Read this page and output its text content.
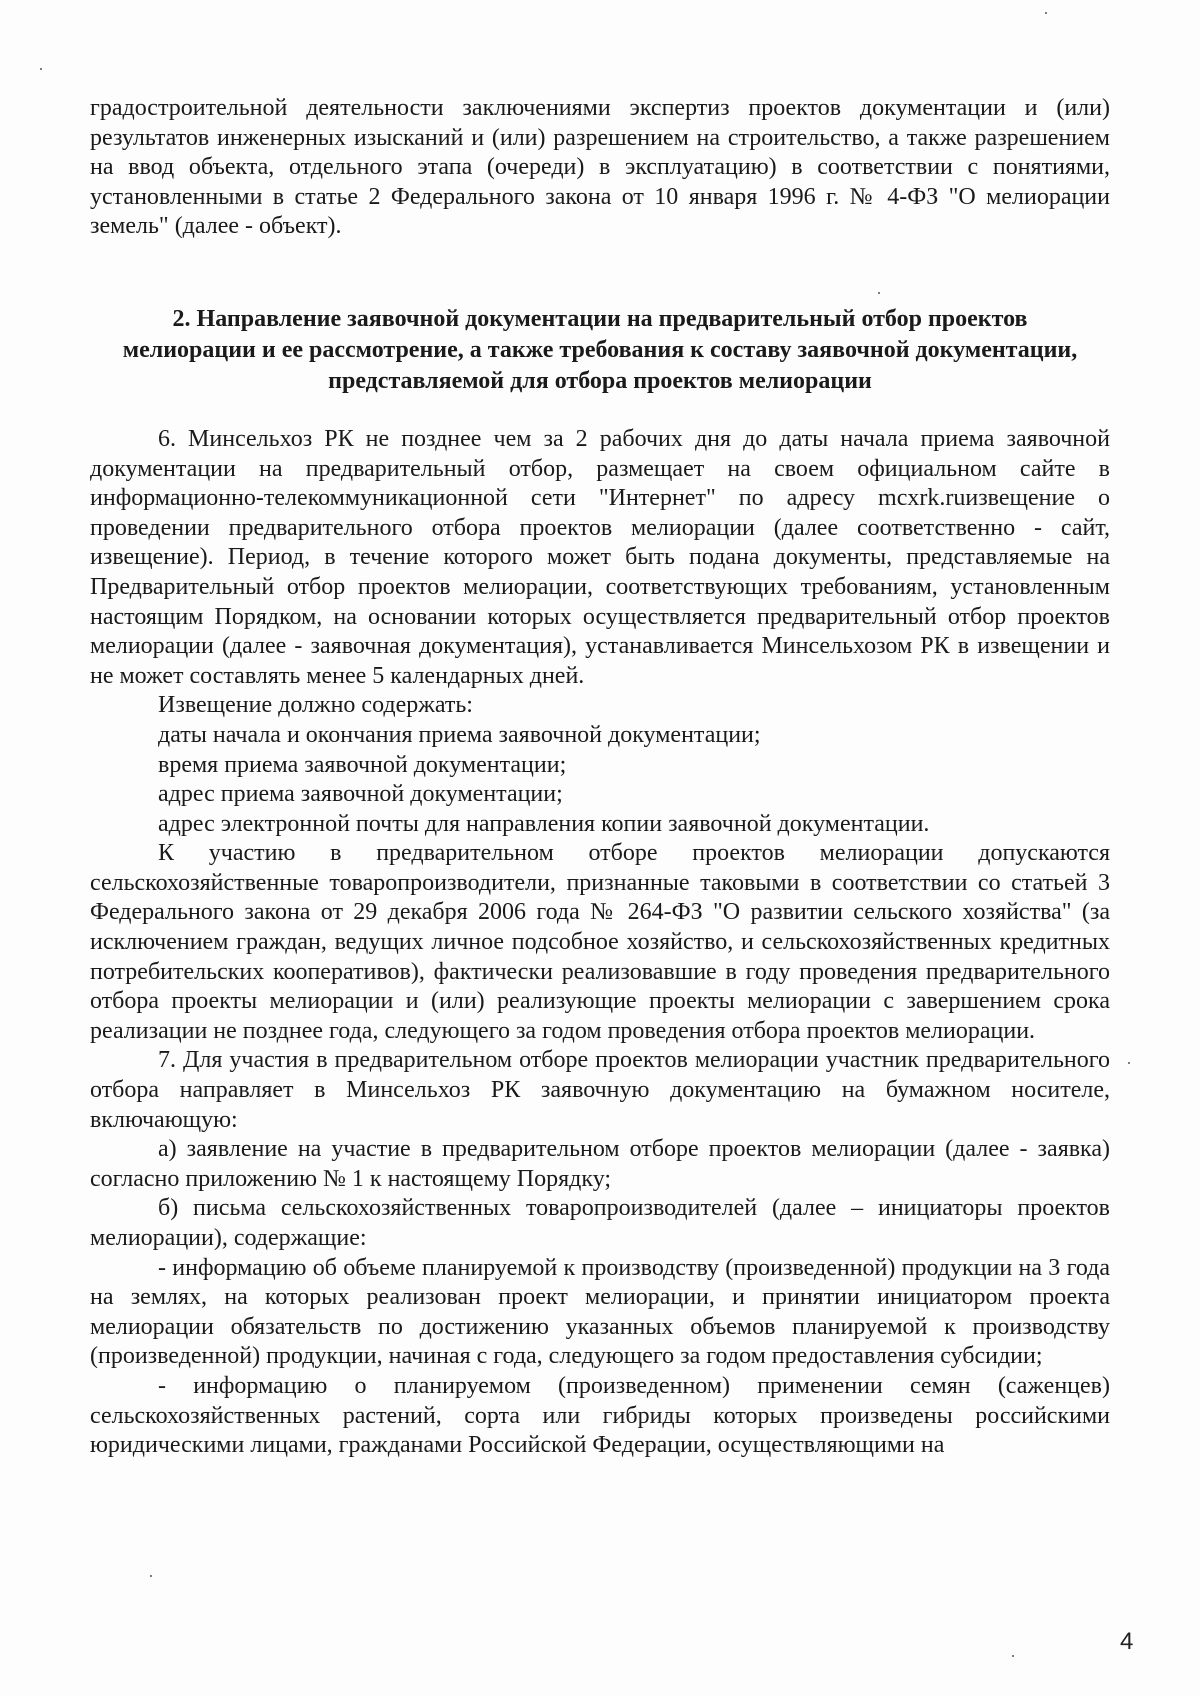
градостроительной деятельности заключениями экспертиз проектов документации и (или) результатов инженерных изысканий и (или) разрешением на строительство, а также разрешением на ввод объекта, отдельного этапа (очереди) в эксплуатацию) в соответствии с понятиями, установленными в статье 2 Федерального закона от 10 января 1996 г. № 4-ФЗ "О мелиорации земель" (далее - объект).

2. Направление заявочной документации на предварительный отбор проектов мелиорации и ее рассмотрение, а также требования к составу заявочной документации, представляемой для отбора проектов мелиорации

6. Минсельхоз РК не позднее чем за 2 рабочих дня до даты начала приема заявочной документации на предварительный отбор, размещает на своем официальном сайте в информационно-телекоммуникационной сети "Интернет" по адресу mcxrk.ruизвещение о проведении предварительного отбора проектов мелиорации (далее соответственно - сайт, извещение). Период, в течение которого может быть подана документы, представляемые на Предварительный отбор проектов мелиорации, соответствующих требованиям, установленным настоящим Порядком, на основании которых осуществляется предварительный отбор проектов мелиорации (далее - заявочная документация), устанавливается Минсельхозом РК в извещении и не может составлять менее 5 календарных дней.

Извещение должно содержать:

даты начала и окончания приема заявочной документации;

время приема заявочной документации;

адрес приема заявочной документации;

адрес электронной почты для направления копии заявочной документации.

К участию в предварительном отборе проектов мелиорации допускаются сельскохозяйственные товаропроизводители, признанные таковыми в соответствии со статьей 3 Федерального закона от 29 декабря 2006 года № 264-ФЗ "О развитии сельского хозяйства" (за исключением граждан, ведущих личное подсобное хозяйство, и сельскохозяйственных кредитных потребительских кооперативов), фактически реализовавшие в году проведения предварительного отбора проекты мелиорации и (или) реализующие проекты мелиорации с завершением срока реализации не позднее года, следующего за годом проведения отбора проектов мелиорации.

7. Для участия в предварительном отборе проектов мелиорации участник предварительного отбора направляет в Минсельхоз РК заявочную документацию на бумажном носителе, включающую:

а) заявление на участие в предварительном отборе проектов мелиорации (далее - заявка) согласно приложению № 1 к настоящему Порядку;

б) письма сельскохозяйственных товаропроизводителей (далее – инициаторы проектов мелиорации), содержащие:

- информацию об объеме планируемой к производству (произведенной) продукции на 3 года на землях, на которых реализован проект мелиорации, и принятии инициатором проекта мелиорации обязательств по достижению указанных объемов планируемой к производству (произведенной) продукции, начиная с года, следующего за годом предоставления субсидии;

- информацию о планируемом (произведенном) применении семян (саженцев) сельскохозяйственных растений, сорта или гибриды которых произведены российскими юридическими лицами, гражданами Российской Федерации, осуществляющими на

4
